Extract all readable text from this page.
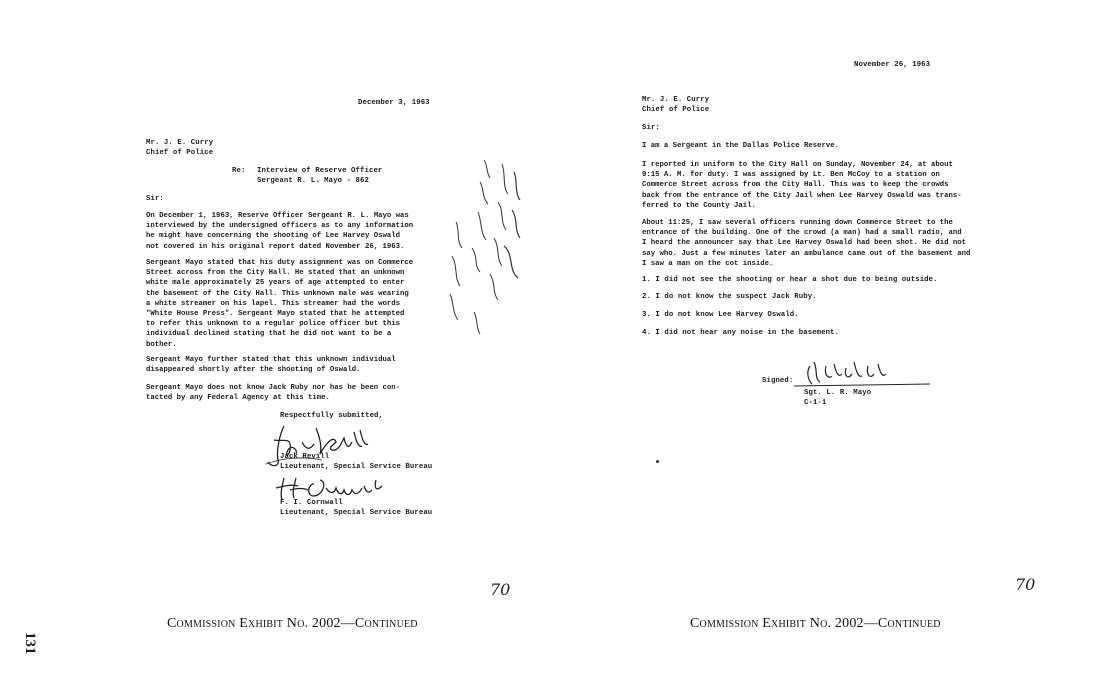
December 3, 1963
Mr. J. E. Curry
Chief of Police
Re: Interview of Reserve Officer
Sergeant R. L. Mayo - 862
Sir:
On December 1, 1963, Reserve Officer Sergeant R. L. Mayo was
interviewed by the undersigned officers as to any information
he might have concerning the shooting of Lee Harvey Oswald
not covered in his original report dated November 26, 1963.
Sergeant Mayo stated that his duty assignment was on Commerce
Street across from the City Hall. He stated that an unknown
white male approximately 25 years of age attempted to enter
the basement of the City Hall. This unknown male was wearing
a white streamer on his lapel. This streamer had the words
"White House Press". Sergeant Mayo stated that he attempted
to refer this unknown to a regular police officer but this
individual declined stating that he did not want to be a
bother.
Sergeant Mayo further stated that this unknown individual
disappeared shortly after the shooting of Oswald.
Sergeant Mayo does not know Jack Ruby nor has he been con-
tacted by any Federal Agency at this time.
Respectfully submitted,
Jack Revill
Lieutenant, Special Service Bureau
F. I. Cornwall
Lieutenant, Special Service Bureau
70
Commission Exhibit No. 2002—Continued
November 26, 1963
Mr. J. E. Curry
Chief of Police
Sir:
I am a Sergeant in the Dallas Police Reserve.
I reported in uniform to the City Hall on Sunday, November 24, at about
9:15 A. M. for duty. I was assigned by Lt. Ben McCoy to a station on
Commerce Street across from the City Hall. This was to keep the crowds
back from the entrance of the City Jail when Lee Harvey Oswald was trans-
ferred to the County Jail.
About 11:25, I saw several officers running down Commerce Street to the
entrance of the building. One of the crowd (a man) had a small radio, and
I heard the announcer say that Lee Harvey Oswald had been shot. He did not
say who. Just a few minutes later an ambulance came out of the basement and
I saw a man on the cot inside.
1. I did not see the shooting or hear a shot due to being outside.
2. I do not know the suspect Jack Ruby.
3. I do not know Lee Harvey Oswald.
4. I did not hear any noise in the basement.
Signed:
Sgt. L. R. Mayo
C-1-1
70
Commission Exhibit No. 2002—Continued
131
